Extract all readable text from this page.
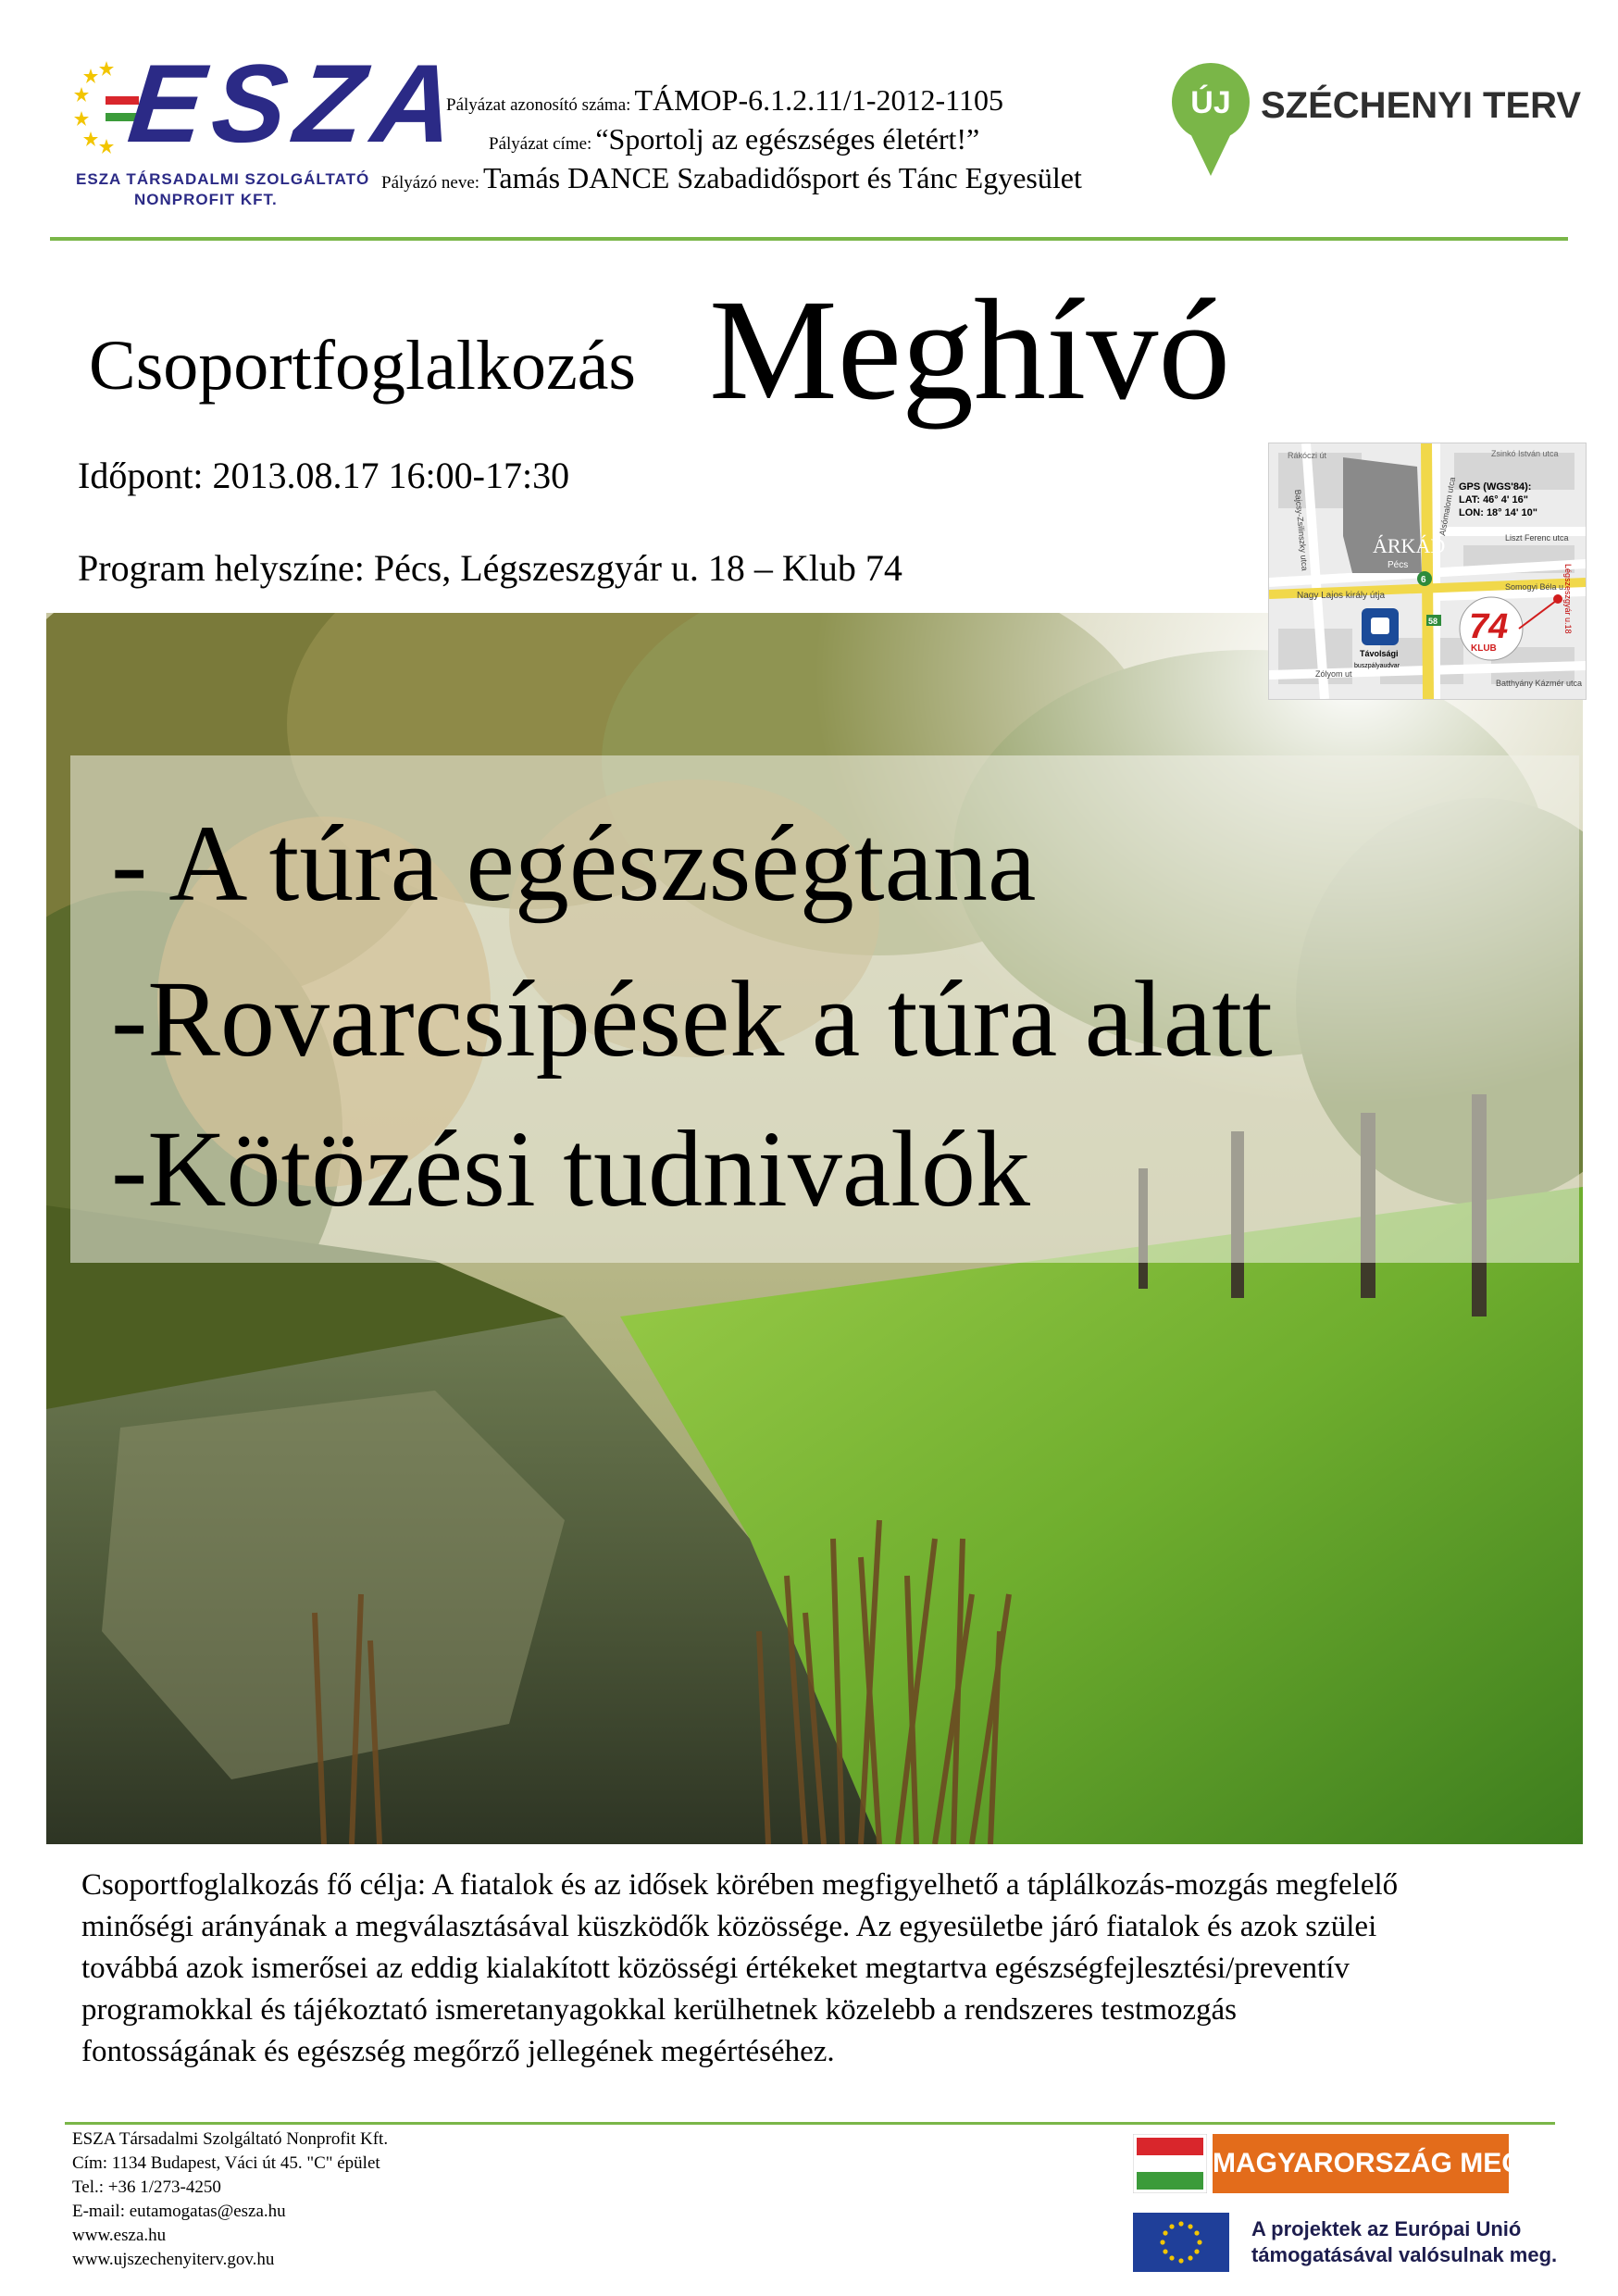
ESZA
ESZA TÁRSADALMI SZOLGÁLTATÓ
NONPROFIT KFT.
Pályázat azonosító száma: TÁMOP-6.1.2.11/1-2012-1105
Pályázat címe: “Sportolj az egészséges életért!”
Pályázó neve: Tamás DANCE Szabadidősport és Tánc Egyesület
ÚJ SZÉCHENYI TERV
Csoportfoglalkozás Meghívó
Időpont: 2013.08.17 16:00-17:30
Program helyszíne: Pécs, Légszeszgyár u. 18 – Klub 74
ÁRKÁD
Pécs
GPS (WGS'84):
LAT: 46° 4' 16"
LON: 18° 14' 10"
Rákóczi út	Zsinkó István utca
Bajcsy-Zsilinszky utca	Alsómalom utca
Liszt Ferenc utca
Somogyi Béla u.
Nagy Lajos király útja
Zólyom ut
Batthyány Kázmér utca
Légszeszgyár u.18
Távolsági
buszpályaudvar
6
58 74
KLUB
- A túra egészségtana
-Rovarcsípések a túra alatt
-Kötözési tudnivalók

Csoportfoglalkozás fő célja: A fiatalok és az idősek körében megfigyelhető a táplálkozás-mozgás megfelelő

minőségi arányának a megválasztásával küszködők közössége. Az egyesületbe járó fiatalok és azok szülei

továbbá azok ismerősei az eddig kialakított közösségi értékeket megtartva egészségfejlesztési/preventív

programokkal és tájékoztató ismeretanyagokkal kerülhetnek közelebb a rendszeres testmozgás

fontosságának és egészség megőrző jellegének megértéséhez.

ESZA Társadalmi Szolgáltató Nonprofit Kft.
Cím: 1134 Budapest, Váci út 45. "C" épület
Tel.: +36 1/273-4250
E-mail: eutamogatas@esza.hu
www.esza.hu
www.ujszechenyiterv.gov.hu
MAGYARORSZÁG MEGÚJUL
A projektek az Európai Unió
támogatásával valósulnak meg.
